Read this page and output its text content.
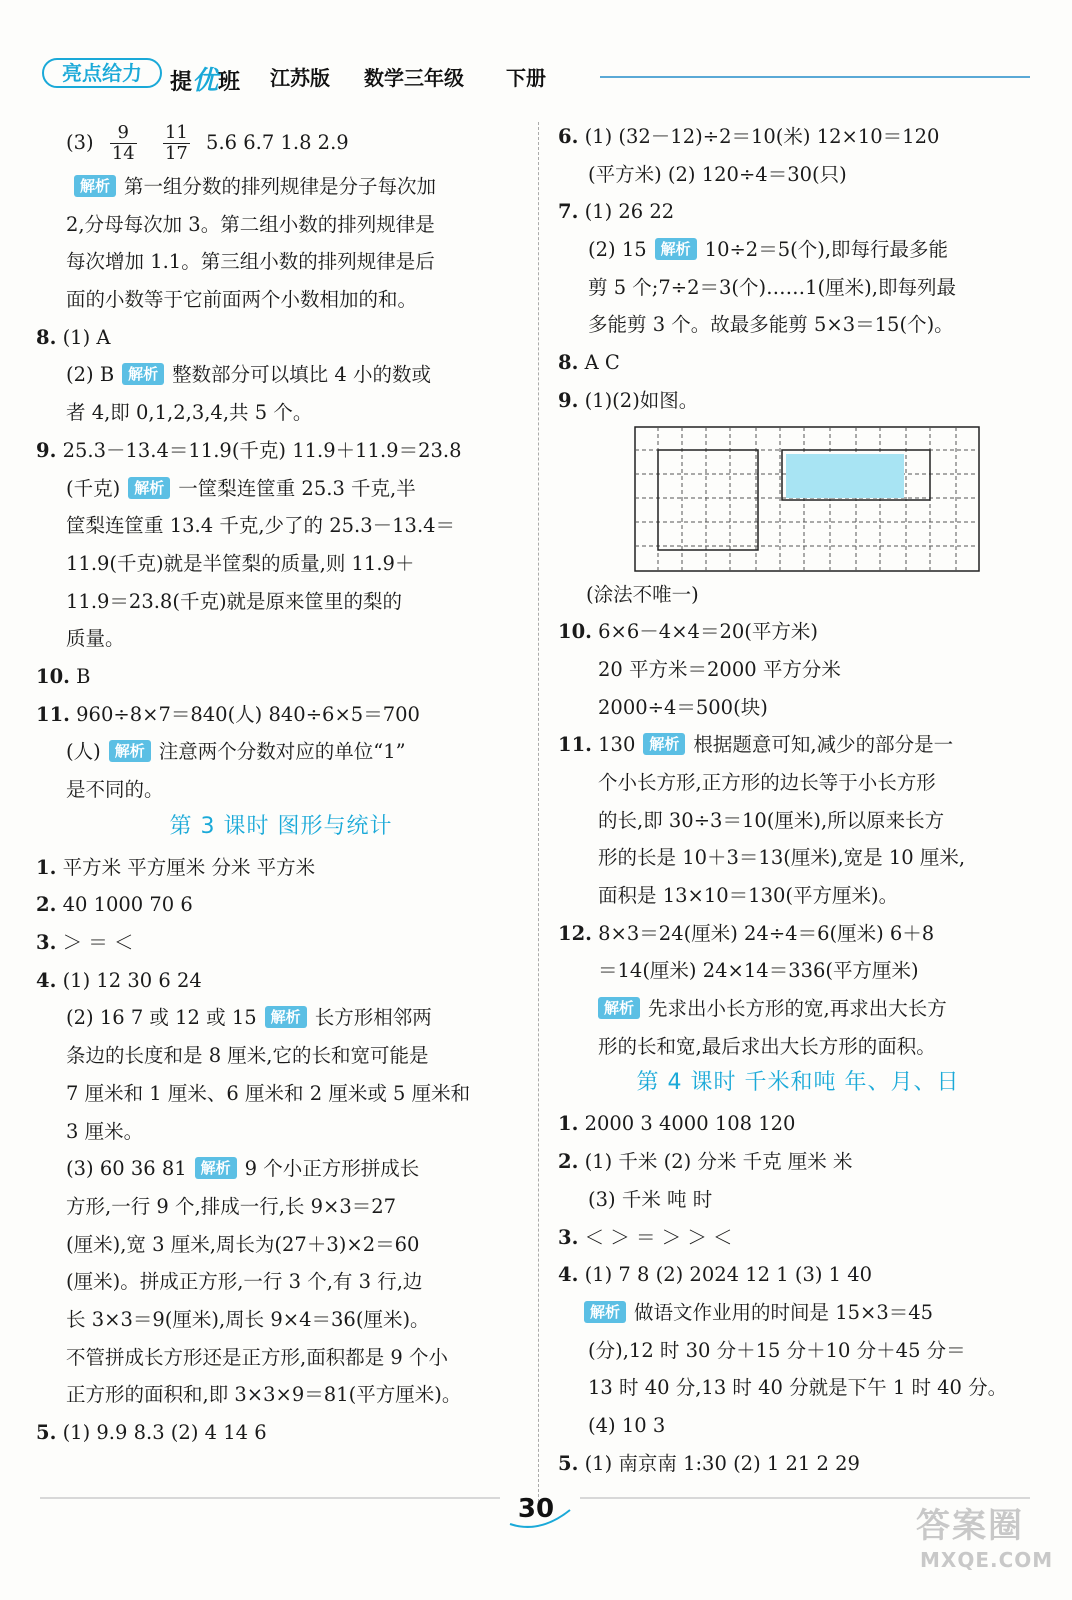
亮点给力	提优班 江苏版 数学三年级 下册
$(3) \frac{9}{14}$
$\frac{11}{17} 5.6$ 6.7 1.8 2.9
解析 第一组分数的排列规律是分子每次加
2,分母每次加 3。第二组小数的排列规律是
每次增加 1.1。第三组小数的排列规律是后
面的小数等于它前面两个小数相加的和。
8. (1) A
(2) B 解析 整数部分可以填比 4 小的数或
者 4,即 0,1,2,3,4,共 5 个。
9. 25.3－13.4＝11.9(千克) 11.9＋11.9＝23.8
(千克) 解析 一筐梨连筐重 25.3 千克,半
筐梨连筐重 13.4 千克,少了的 25.3－13.4＝
11.9(千克)就是半筐梨的质量,则 11.9＋
11.9＝23.8(千克)就是原来筐里的梨的
质量。
10. B
11. 960÷8×7＝840(人) 840÷6×5＝700
(人) 解析 注意两个分数对应的单位“1”
是不同的。
第 3 课时 图形与统计
1. 平方米 平方厘米 分米 平方米
2. 40 1000 70 6
3. ＞ ＝ ＜
4. (1) 12 30 6 24
(2) 16 7 或 12 或 15 解析 长方形相邻两
条边的长度和是 8 厘米,它的长和宽可能是
7 厘米和 1 厘米、6 厘米和 2 厘米或 5 厘米和
3 厘米。
(3) 60 36 81 解析 9 个小正方形拼成长
方形,一行 9 个,排成一行,长 9×3＝27
(厘米),宽 3 厘米,周长为(27＋3)×2＝60
(厘米)。拼成正方形,一行 3 个,有 3 行,边
长 3×3＝9(厘米),周长 9×4＝36(厘米)。
不管拼成长方形还是正方形,面积都是 9 个小
正方形的面积和,即 3×3×9＝81(平方厘米)。
5. (1) 9.9 8.3 (2) 4 14 6
6. (1) (32－12)÷2＝10(米) 12×10＝120
(平方米) (2) 120÷4＝30(只)
7. (1) 26 22
(2) 15 解析 10÷2＝5(个),即每行最多能
剪 5 个;7÷2＝3(个)……1(厘米),即每列最
多能剪 3 个。故最多能剪 5×3＝15(个)。
8. A C
9. (1)(2)如图。
(涂法不唯一)
10. 6×6－4×4＝20(平方米)
20 平方米＝2000 平方分米
2000÷4＝500(块)
11. 130 解析 根据题意可知,减少的部分是一
个小长方形,正方形的边长等于小长方形
的长,即 30÷3＝10(厘米),所以原来长方
形的长是 10＋3＝13(厘米),宽是 10 厘米,
面积是 13×10＝130(平方厘米)。
12. 8×3＝24(厘米) 24÷4＝6(厘米) 6＋8
＝14(厘米) 24×14＝336(平方厘米)
解析 先求出小长方形的宽,再求出大长方
形的长和宽,最后求出大长方形的面积。
第 4 课时 千米和吨 年、月、日
1. 2000 3 4000 108 120
2. (1) 千米 (2) 分米 千克 厘米 米
(3) 千米 吨 时
3. ＜ ＞ ＝ ＞ ＞ ＜
4. (1) 7 8 (2) 2024 12 1 (3) 1 40
解析 做语文作业用的时间是 15×3＝45
(分),12 时 30 分＋15 分＋10 分＋45 分＝
13 时 40 分,13 时 40 分就是下午 1 时 40 分。
(4) 10 3
5. (1) 南京南 1:30 (2) 1 21 2 29
30	答案圈
MXQE.COM
